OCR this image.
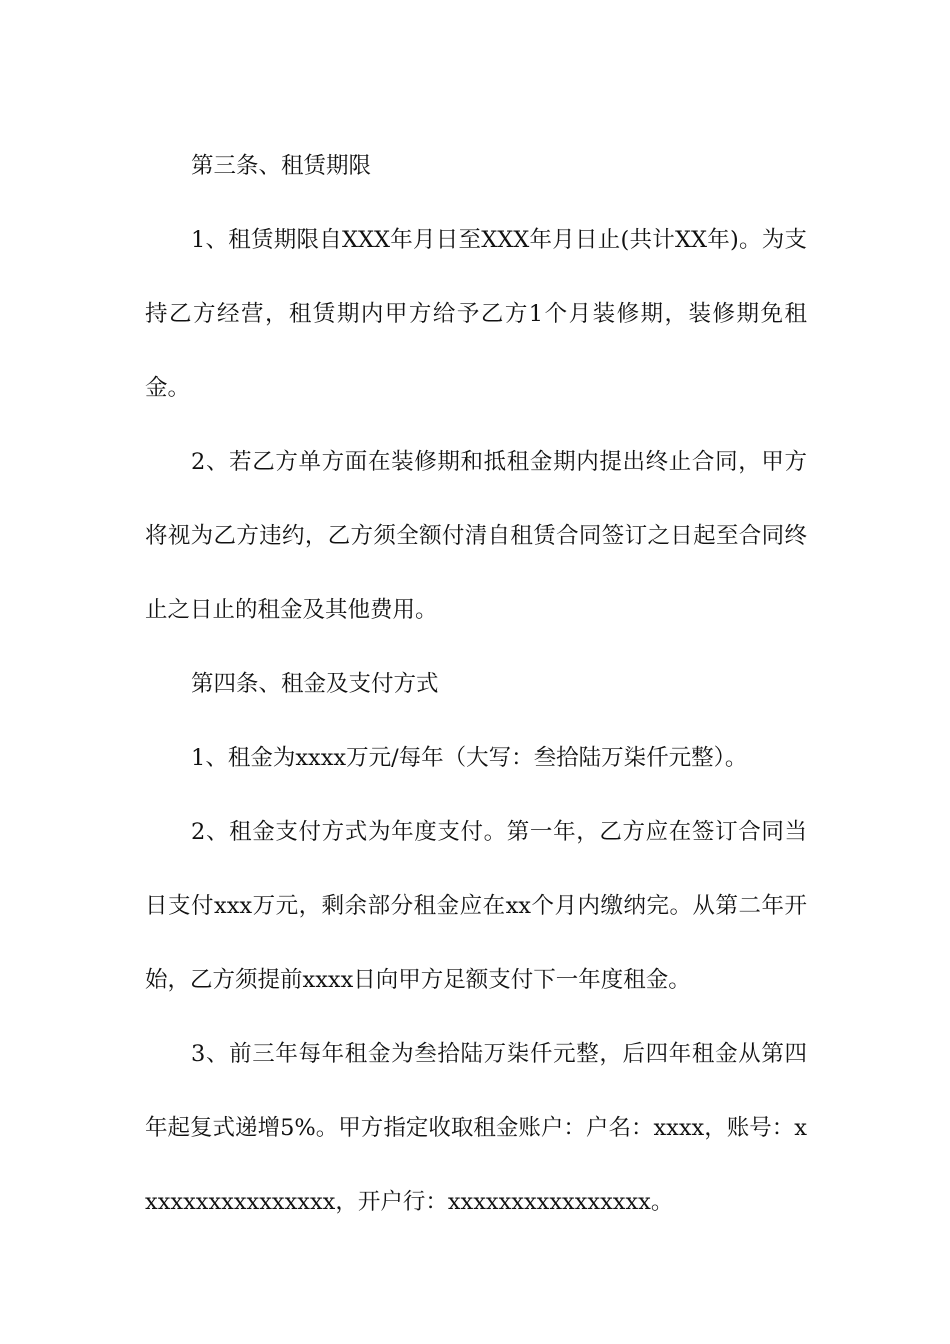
第三条、租赁期限

1、租赁期限自XXX年月日至XXX年月日止(共计XX年)。为支持乙方经营，租赁期内甲方给予乙方1个月装修期，装修期免租金。

2、若乙方单方面在装修期和抵租金期内提出终止合同，甲方将视为乙方违约，乙方须全额付清自租赁合同签订之日起至合同终止之日止的租金及其他费用。

第四条、租金及支付方式

1、租金为xxxx万元/每年（大写：叁拾陆万柒仟元整）。

2、租金支付方式为年度支付。第一年，乙方应在签订合同当日支付xxx万元，剩余部分租金应在xx个月内缴纳完。从第二年开始，乙方须提前xxxx日向甲方足额支付下一年度租金。

3、前三年每年租金为叁拾陆万柒仟元整，后四年租金从第四年起复式递增5%。甲方指定收取租金账户：户名：xxxx，账号：xxxxxxxxxxxxxxxx，开户行：xxxxxxxxxxxxxxxx。
